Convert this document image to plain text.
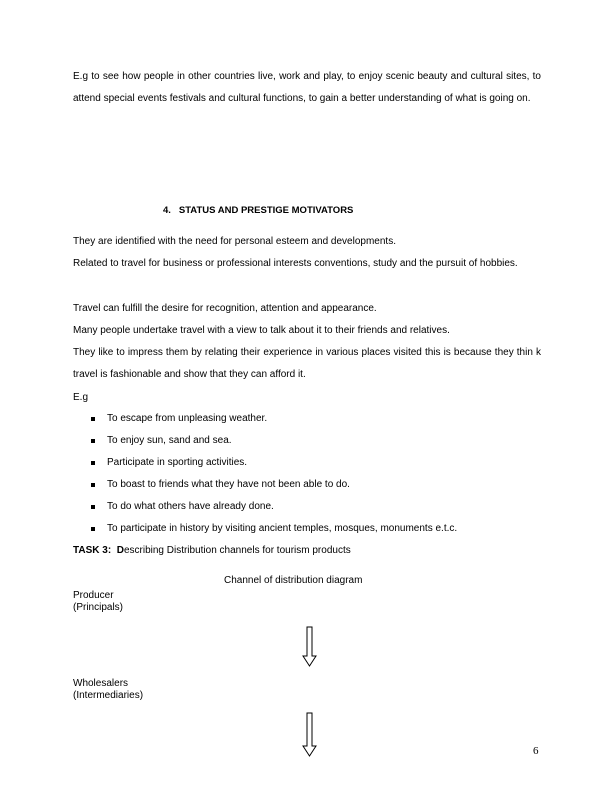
E.g to see how people in other countries live, work and play, to enjoy scenic beauty and cultural sites, to attend special events festivals and cultural functions, to gain a better understanding of what is going on.
4. STATUS AND PRESTIGE MOTIVATORS
They are identified with the need for personal esteem and developments.
Related to travel for business or professional interests conventions, study and the pursuit of hobbies.
Travel can fulfill the desire for recognition, attention and appearance.
Many people undertake travel with a view to talk about it to their friends and relatives.
They like to impress them by relating their experience in various places visited this is because they thin k travel is fashionable and show that they can afford it.
E.g
To escape from unpleasing weather.
To enjoy sun, sand and sea.
Participate in sporting activities.
To boast to friends what they have not been able to do.
To do what others have already done.
To participate in history by visiting ancient temples, mosques, monuments e.t.c.
TASK 3: Describing Distribution channels for tourism products
Channel of distribution diagram
Producer
(Principals)
Wholesalers
(Intermediaries)
6
